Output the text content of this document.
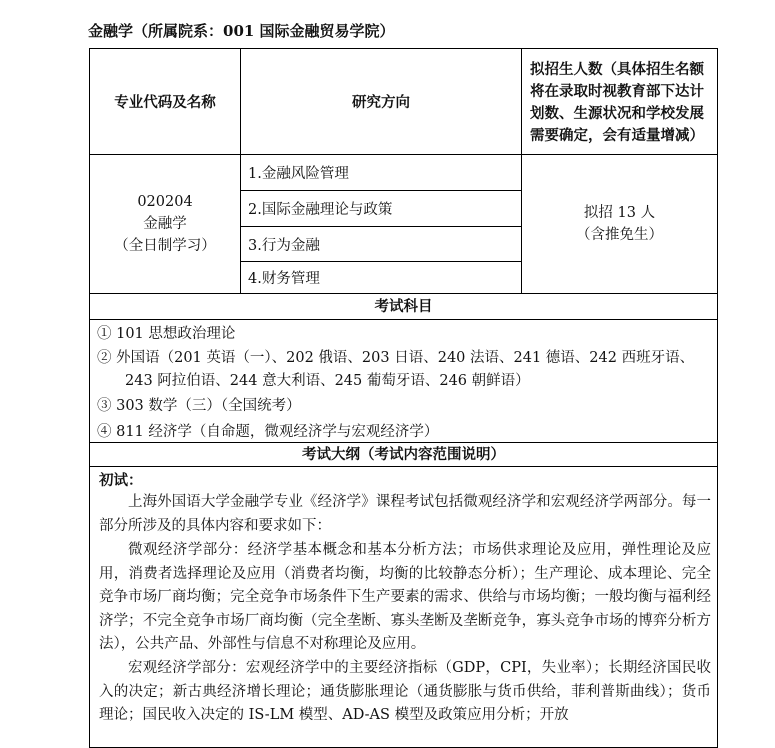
金融学（所属院系：001 国际金融贸易学院）
专业代码及名称	研究方向
拟招生人数（具体招生名额将在录取时视教育部下达计划数、生源状况和学校发展需要确定，会有适量增减）
020204
金融学
（全日制学习）
1.金融风险管理
2.国际金融理论与政策
3.行为金融
4.财务管理
拟招 13 人
（含推免生）
考试科目
① 101 思想政治理论
② 外国语（201 英语（一）、202 俄语、203 日语、240 法语、241 德语、242 西班牙语、
243 阿拉伯语、244 意大利语、245 葡萄牙语、246 朝鲜语）
③ 303 数学（三）（全国统考）
④ 811 经济学（自命题，微观经济学与宏观经济学）
考试大纲（考试内容范围说明）
初试：
上海外国语大学金融学专业《经济学》课程考试包括微观经济学和宏观经济学两部分。每一部分所涉及的具体内容和要求如下：
微观经济学部分：经济学基本概念和基本分析方法；市场供求理论及应用，弹性理论及应用，消费者选择理论及应用（消费者均衡，均衡的比较静态分析）；生产理论、成本理论、完全竞争市场厂商均衡；完全竞争市场条件下生产要素的需求、供给与市场均衡；一般均衡与福利经济学；不完全竞争市场厂商均衡（完全垄断、寡头垄断及垄断竞争，寡头竞争市场的博弈分析方法），公共产品、外部性与信息不对称理论及应用。
宏观经济学部分：宏观经济学中的主要经济指标（GDP，CPI，失业率）；长期经济国民收入的决定；新古典经济增长理论；通货膨胀理论（通货膨胀与货币供给，菲利普斯曲线）；货币理论；国民收入决定的 IS-LM 模型、AD-AS 模型及政策应用分析；开放
